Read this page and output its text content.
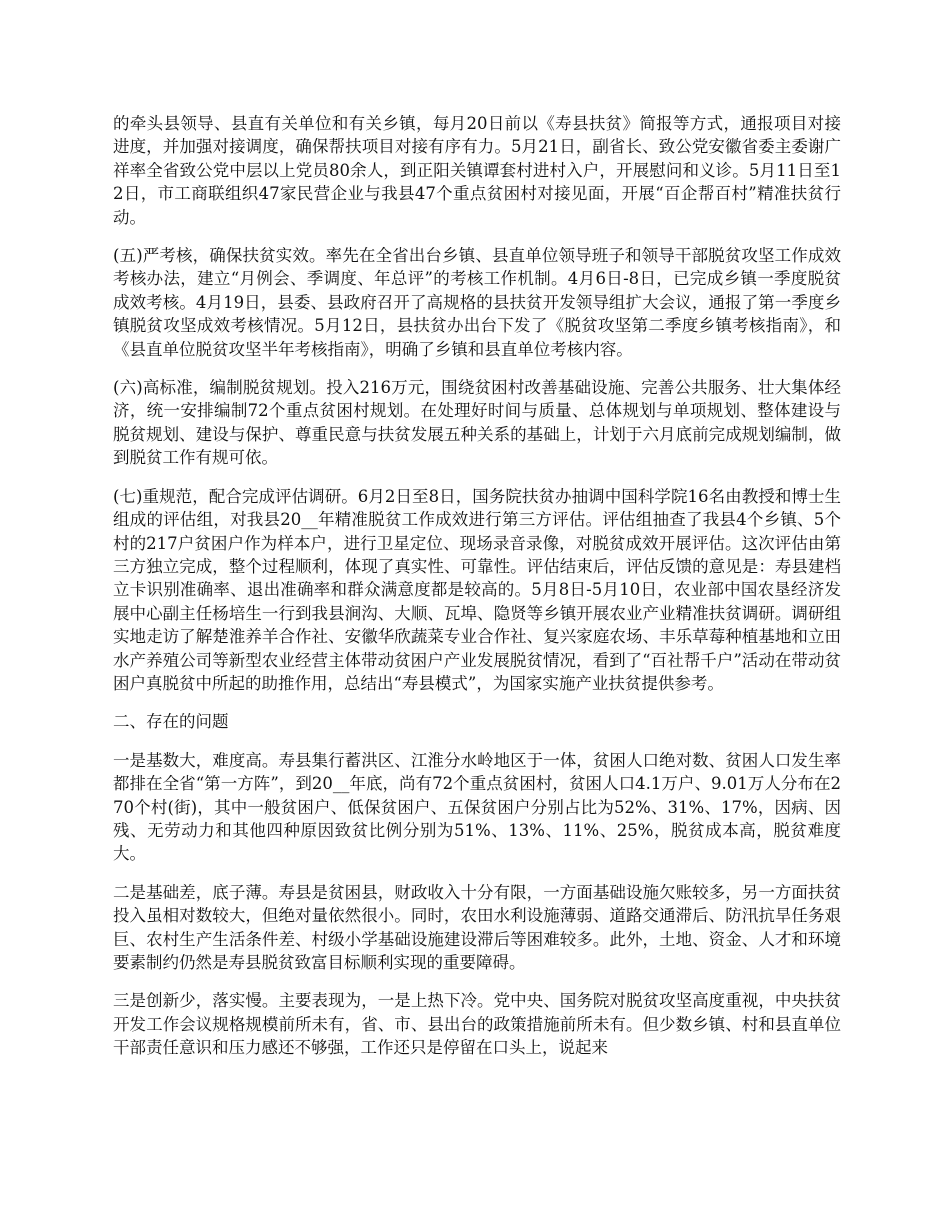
的牵头县领导、县直有关单位和有关乡镇，每月20日前以《寿县扶贫》简报等方式，通报项目对接进度，并加强对接调度，确保帮扶项目对接有序有力。5月21日，副省长、致公党安徽省委主委谢广祥率全省致公党中层以上党员80余人，到正阳关镇谭套村进村入户，开展慰问和义诊。5月11日至12日，市工商联组织47家民营企业与我县47个重点贫困村对接见面，开展“百企帮百村”精准扶贫行动。

(五)严考核，确保扶贫实效。率先在全省出台乡镇、县直单位领导班子和领导干部脱贫攻坚工作成效考核办法，建立“月例会、季调度、年总评”的考核工作机制。4月6日-8日，已完成乡镇一季度脱贫成效考核。4月19日，县委、县政府召开了高规格的县扶贫开发领导组扩大会议，通报了第一季度乡镇脱贫攻坚成效考核情况。5月12日，县扶贫办出台下发了《脱贫攻坚第二季度乡镇考核指南》，和《县直单位脱贫攻坚半年考核指南》，明确了乡镇和县直单位考核内容。

(六)高标准，编制脱贫规划。投入216万元，围绕贫困村改善基础设施、完善公共服务、壮大集体经济，统一安排编制72个重点贫困村规划。在处理好时间与质量、总体规划与单项规划、整体建设与脱贫规划、建设与保护、尊重民意与扶贫发展五种关系的基础上，计划于六月底前完成规划编制，做到脱贫工作有规可依。

(七)重规范，配合完成评估调研。6月2日至8日，国务院扶贫办抽调中国科学院16名由教授和博士生组成的评估组，对我县20__年精准脱贫工作成效进行第三方评估。评估组抽查了我县4个乡镇、5个村的217户贫困户作为样本户，进行卫星定位、现场录音录像，对脱贫成效开展评估。这次评估由第三方独立完成，整个过程顺利，体现了真实性、可靠性。评估结束后，评估反馈的意见是：寿县建档立卡识别准确率、退出准确率和群众满意度都是较高的。5月8日-5月10日，农业部中国农垦经济发展中心副主任杨培生一行到我县涧沟、大顺、瓦埠、隐贤等乡镇开展农业产业精准扶贫调研。调研组实地走访了解楚淮养羊合作社、安徽华欣蔬菜专业合作社、复兴家庭农场、丰乐草莓种植基地和立田水产养殖公司等新型农业经营主体带动贫困户产业发展脱贫情况，看到了“百社帮千户”活动在带动贫困户真脱贫中所起的助推作用，总结出“寿县模式”，为国家实施产业扶贫提供参考。

二、存在的问题

一是基数大，难度高。寿县集行蓄洪区、江淮分水岭地区于一体，贫困人口绝对数、贫困人口发生率都排在全省“第一方阵”，到20__年底，尚有72个重点贫困村，贫困人口4.1万户、9.01万人分布在270个村(街)，其中一般贫困户、低保贫困户、五保贫困户分别占比为52%、31%、17%，因病、因残、无劳动力和其他四种原因致贫比例分别为51%、13%、11%、25%，脱贫成本高，脱贫难度大。

二是基础差，底子薄。寿县是贫困县，财政收入十分有限，一方面基础设施欠账较多，另一方面扶贫投入虽相对数较大，但绝对量依然很小。同时，农田水利设施薄弱、道路交通滞后、防汛抗旱任务艰巨、农村生产生活条件差、村级小学基础设施建设滞后等困难较多。此外，土地、资金、人才和环境要素制约仍然是寿县脱贫致富目标顺利实现的重要障碍。

三是创新少，落实慢。主要表现为，一是上热下冷。党中央、国务院对脱贫攻坚高度重视，中央扶贫开发工作会议规格规模前所未有，省、市、县出台的政策措施前所未有。但少数乡镇、村和县直单位干部责任意识和压力感还不够强，工作还只是停留在口头上，说起来
